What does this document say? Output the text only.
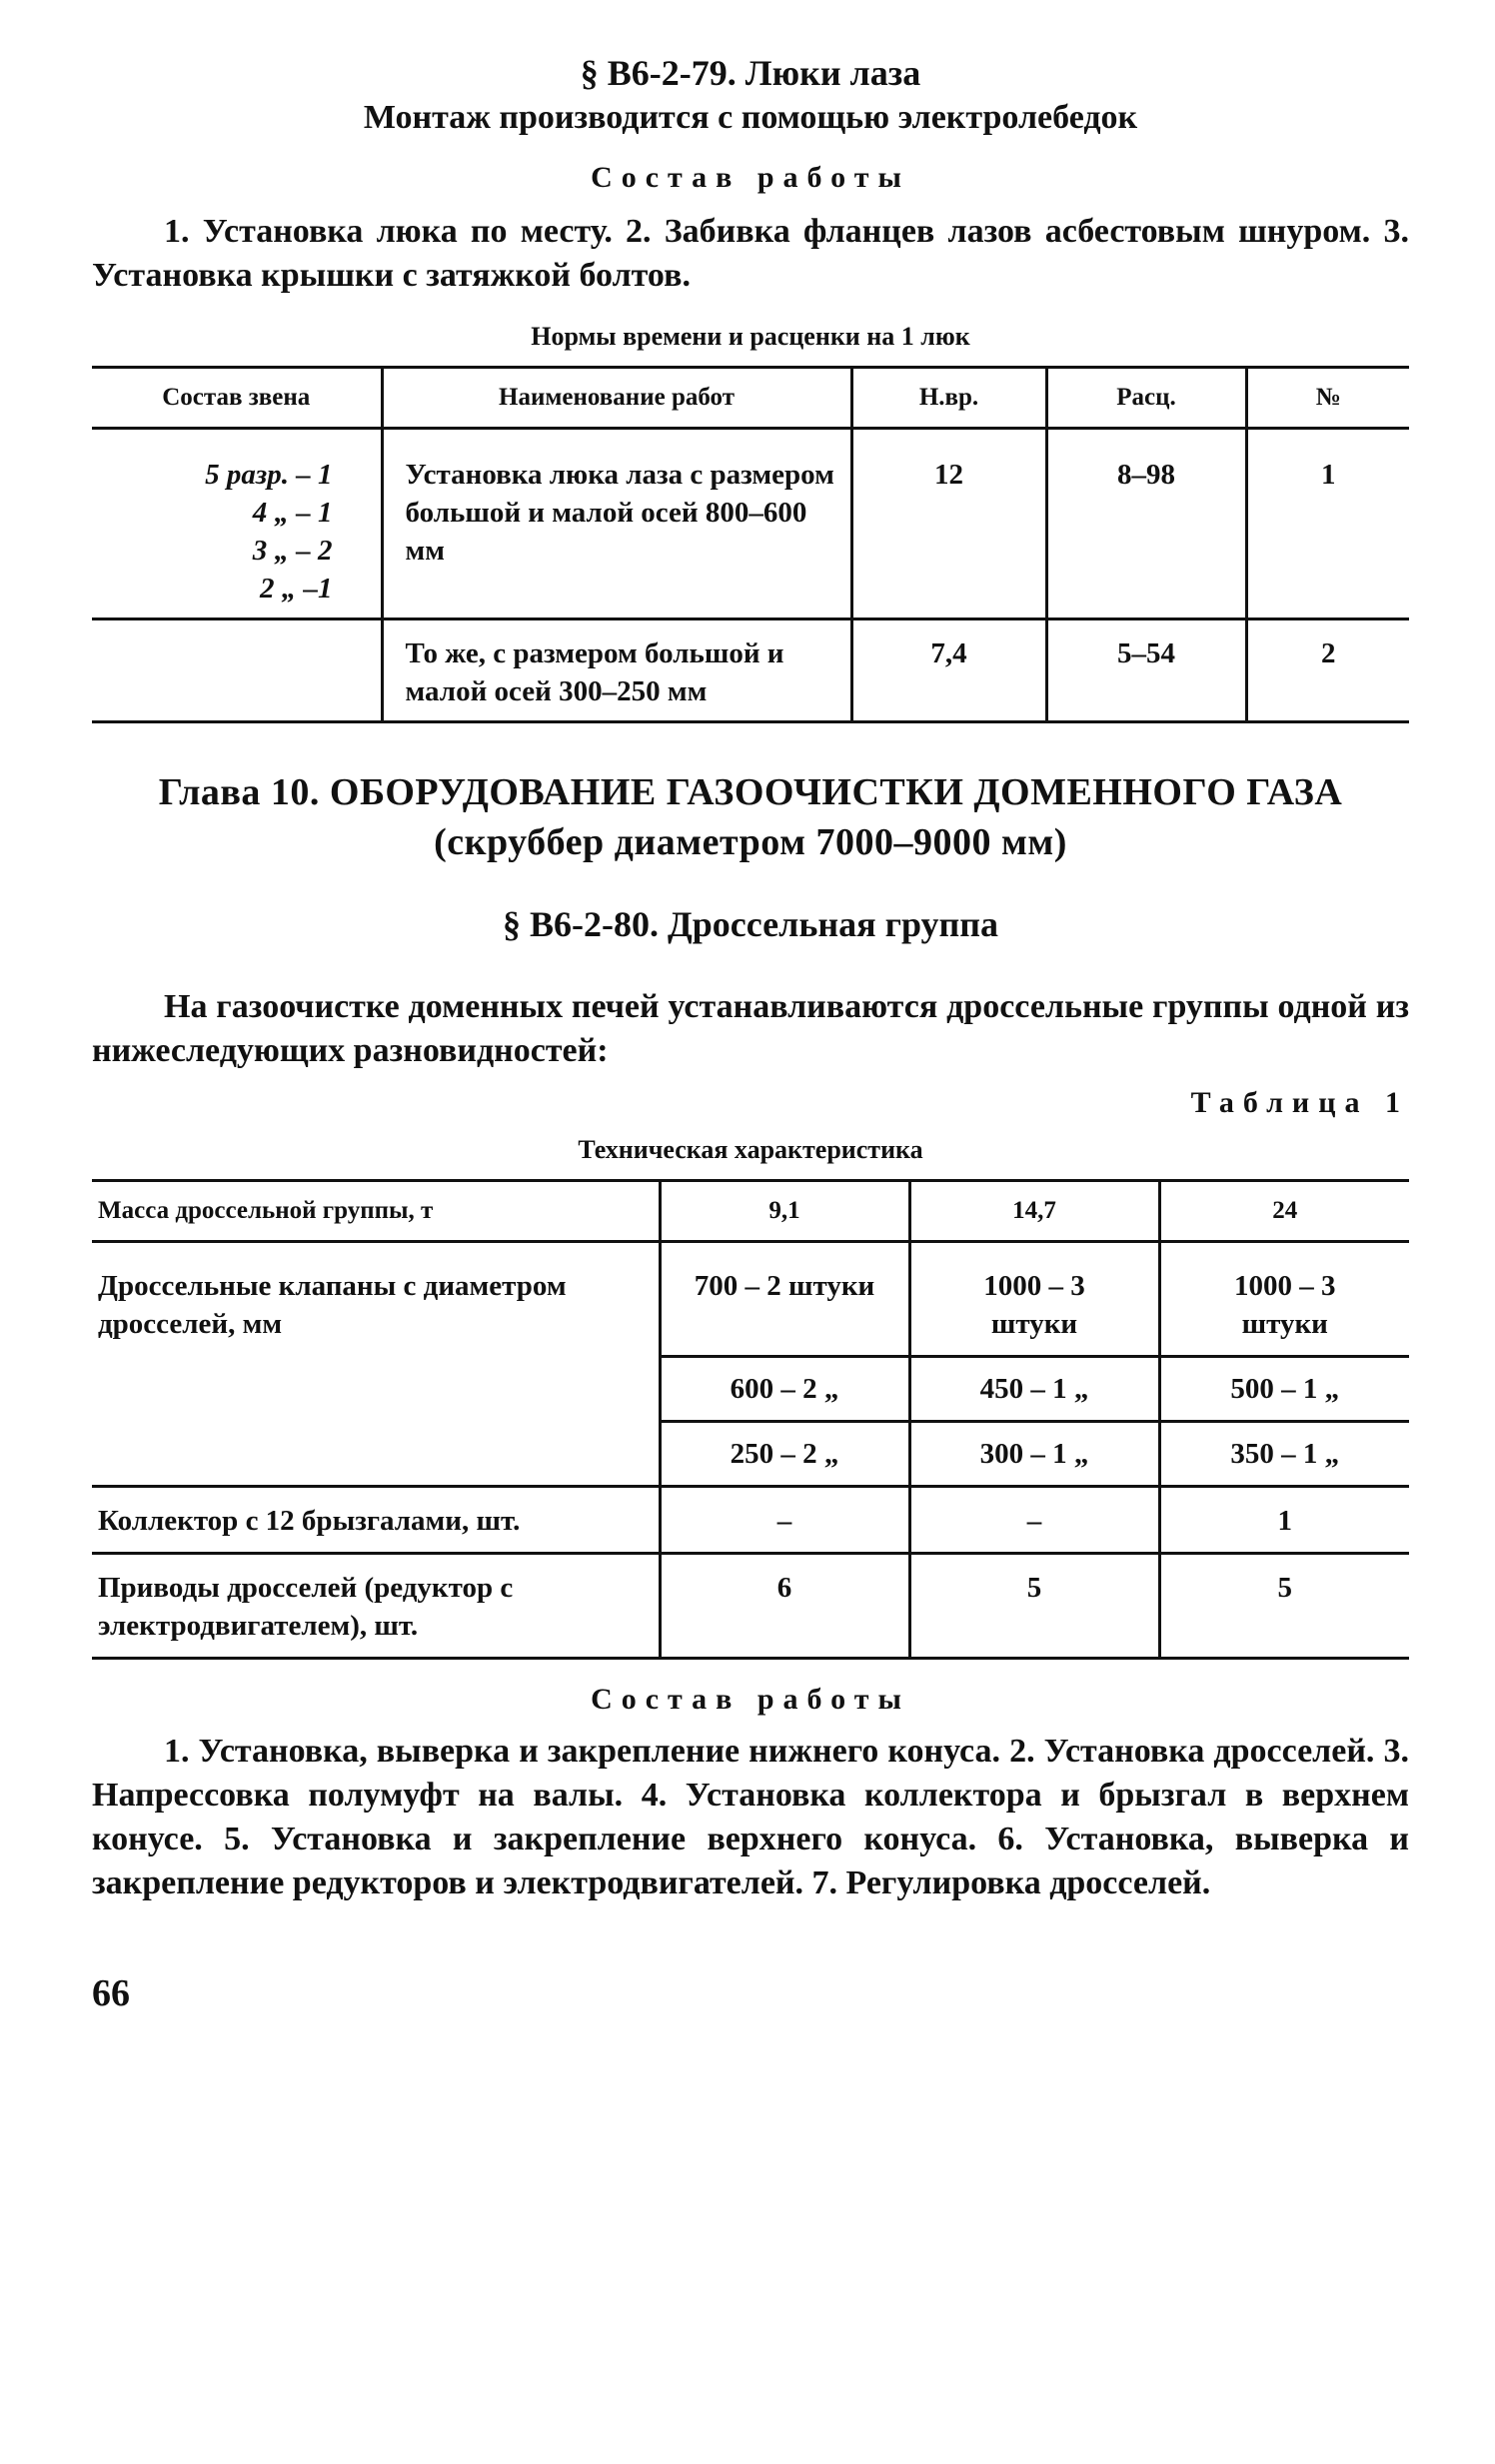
§ В6-2-79. Люки лаза
Монтаж производится с помощью электролебедок
Состав работы

1. Установка люка по месту. 2. Забивка фланцев лазов асбестовым шнуром. 3. Установка крышки с затяжкой болтов.

Нормы времени и расценки на 1 люк
Состав звена	Наименование работ	Н.вр.	Расц.	№

5 разр. – 1
4 „ – 1
3 „ – 2
2 „ –1	Установка люка лаза с размером большой и малой осей 800–600 мм	12	8–98	1
	То же, с размером большой и малой осей 300–250 мм	7,4	5–54	2
Глава 10. ОБОРУДОВАНИЕ ГАЗООЧИСТКИ ДОМЕННОГО ГАЗА
(скруббер диаметром 7000–9000 мм)
§ В6-2-80. Дроссельная группа

На газоочистке доменных печей устанавливаются дроссельные группы одной из нижеследующих разновидностей:

Таблица 1
Техническая характеристика
Масса дроссельной группы, т	9,1	14,7	24
Дроссельные клапаны с диаметром дросселей, мм	700 – 2 штуки	1000 – 3 штуки	1000 – 3 штуки
	600 – 2 „	450 – 1 „	500 – 1 „
	250 – 2 „	300 – 1 „	350 – 1 „
Коллектор с 12 брызгалами, шт.	–	–	1
Приводы дросселей (редуктор с электродвигателем), шт.	6	5	5
Состав работы

1. Установка, выверка и закрепление нижнего конуса. 2. Установка дросселей. 3. Напрессовка полумуфт на валы. 4. Установка коллектора и брызгал в верхнем конусе. 5. Установка и закрепление верхнего конуса. 6. Установка, выверка и закрепление редукторов и электродвигателей. 7. Регулировка дросселей.

66
